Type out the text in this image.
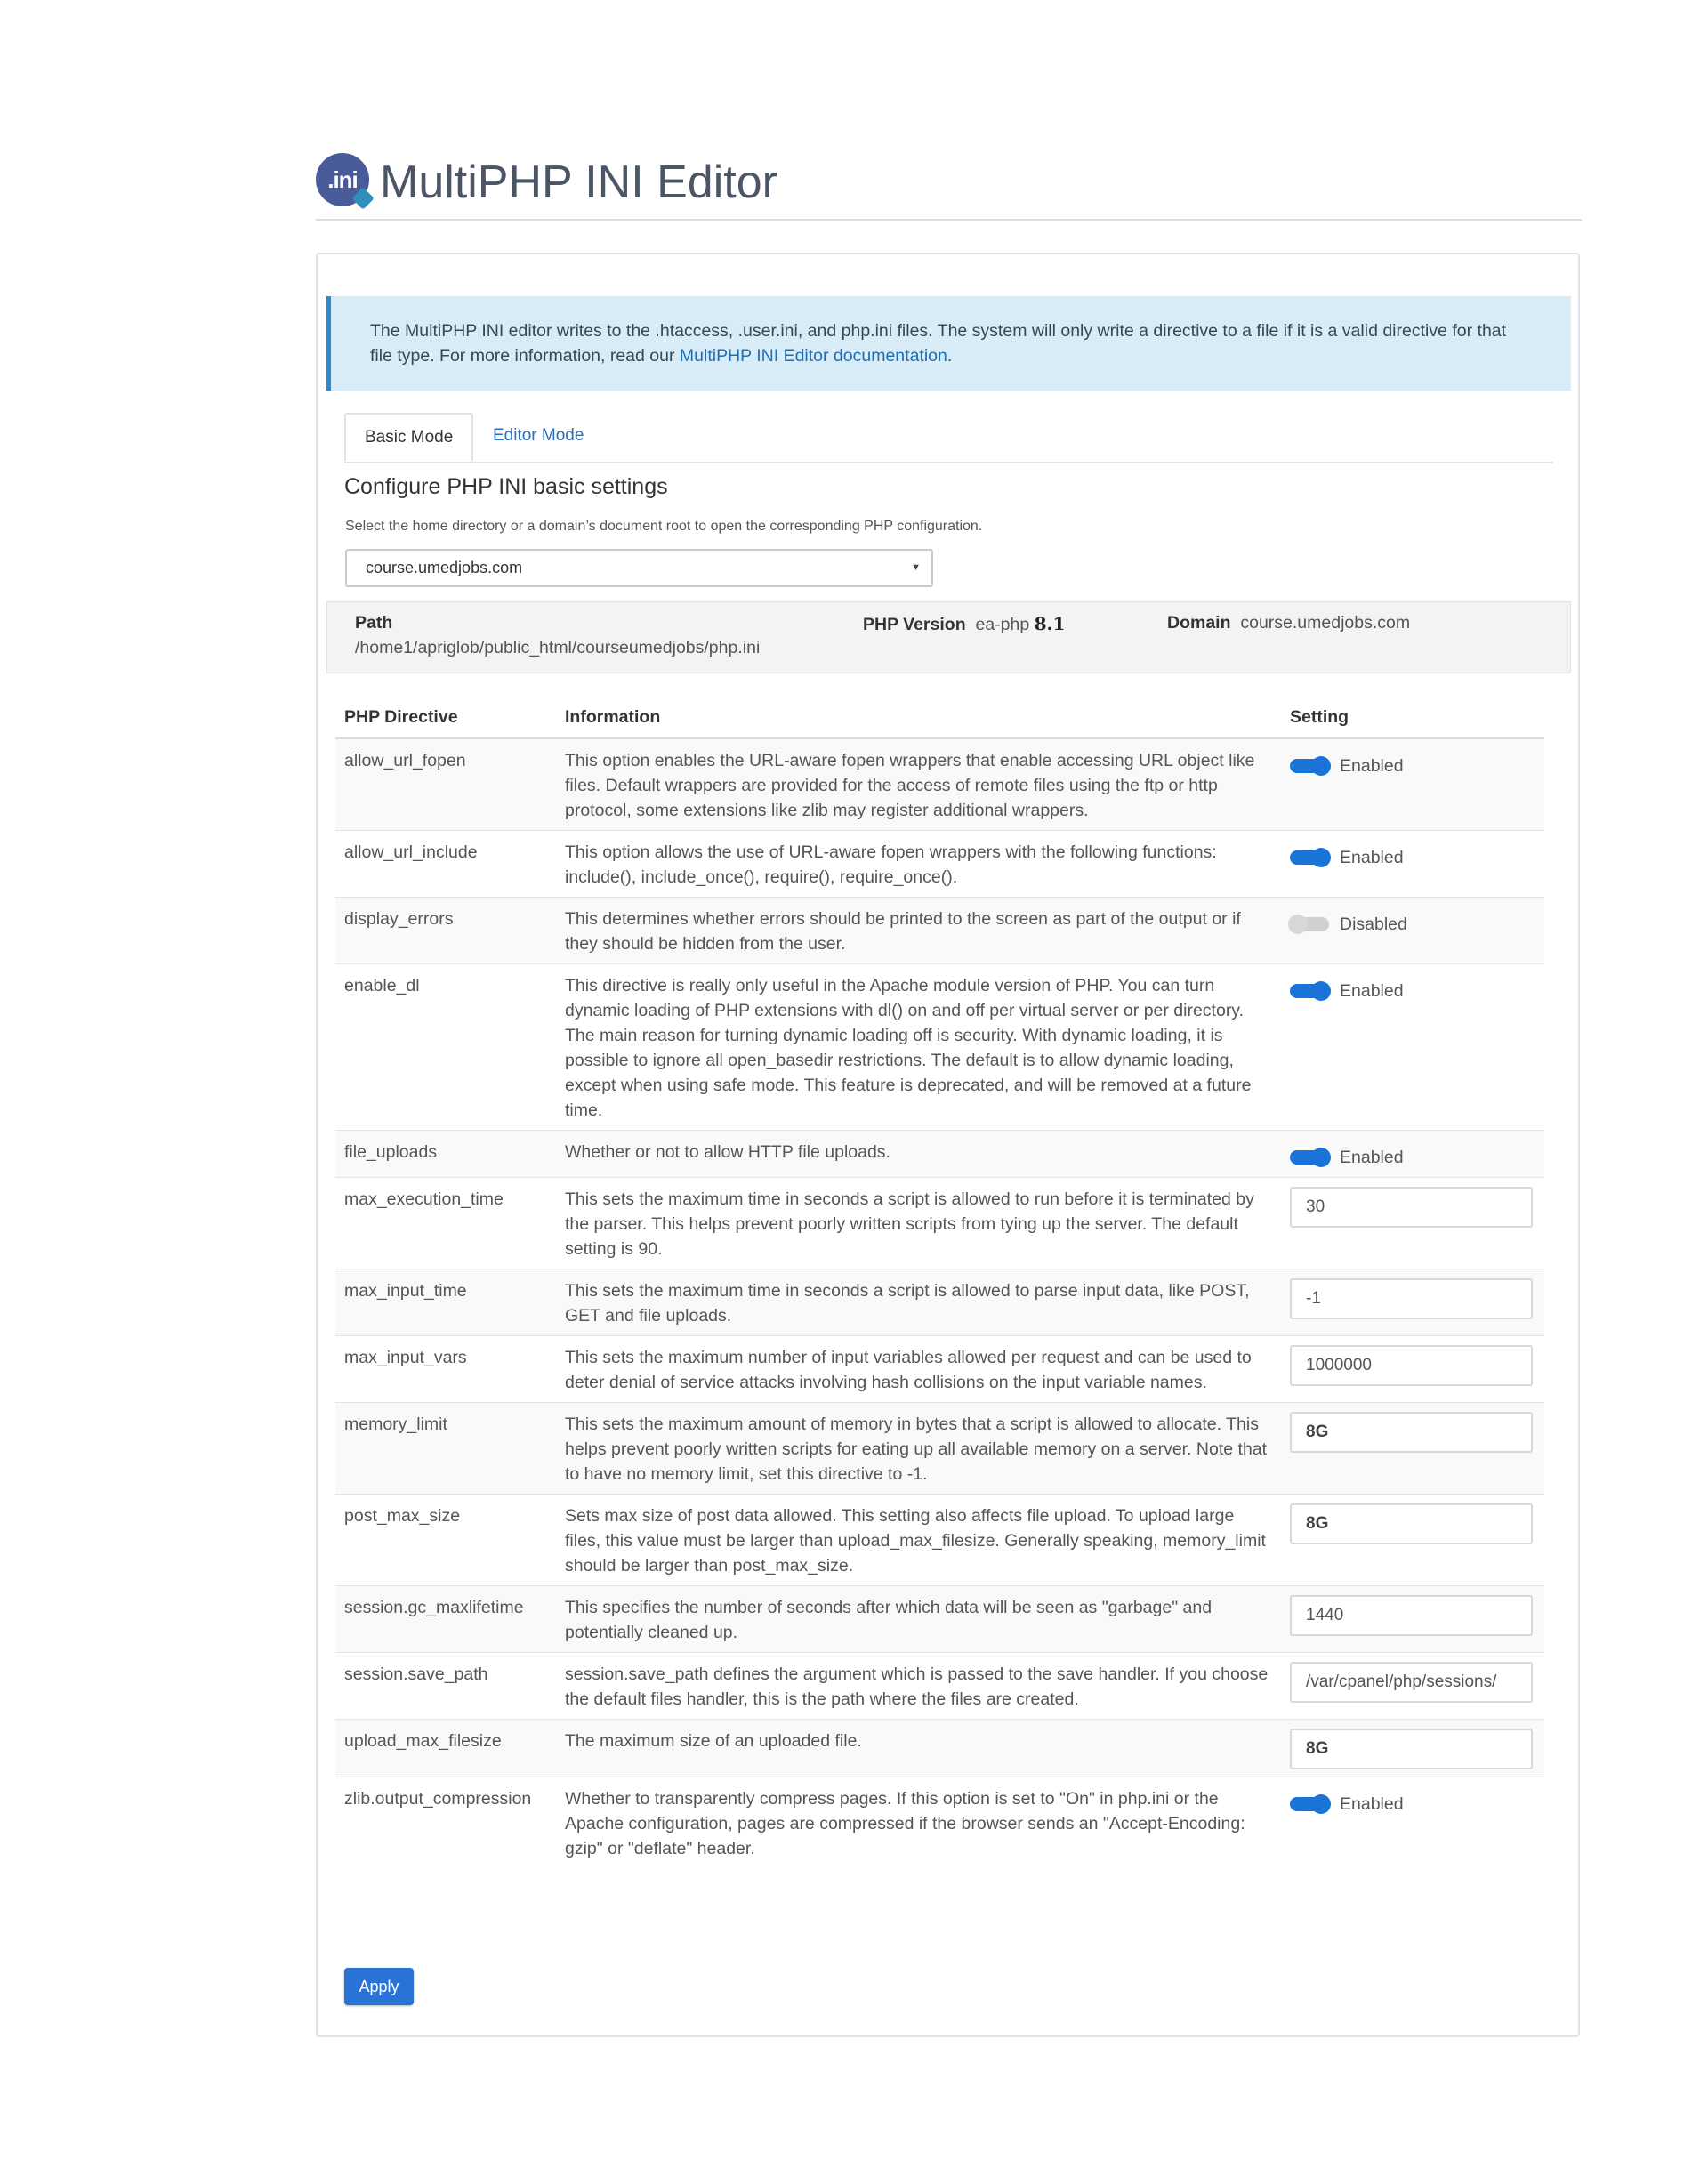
.ini MultiPHP INI Editor
The MultiPHP INI editor writes to the .htaccess, .user.ini, and php.ini files. The system will only write a directive to a file if it is a valid directive for that file type. For more information, read our MultiPHP INI Editor documentation.
Basic Mode	Editor Mode
Configure PHP INI basic settings
Select the home directory or a domain’s document root to open the corresponding PHP configuration.
course.umedjobs.com	▼
Path
/home1/apriglob/public_html/courseumedjobs/php.ini
PHP Version ea-php 8.1	Domain course.umedjobs.com
PHP Directive	Information	Setting
allow_url_fopen	This option enables the URL-aware fopen wrappers that enable accessing URL object like files. Default wrappers are provided for the access of remote files using the ftp or http protocol, some extensions like zlib may register additional wrappers.	Enabled

allow_url_include	This option allows the use of URL-aware fopen wrappers with the following functions: include(), include_once(), require(), require_once().	Enabled

display_errors	This determines whether errors should be printed to the screen as part of the output or if they should be hidden from the user.	Disabled

enable_dl	This directive is really only useful in the Apache module version of PHP. You can turn dynamic loading of PHP extensions with dl() on and off per virtual server or per directory. The main reason for turning dynamic loading off is security. With dynamic loading, it is possible to ignore all open_basedir restrictions. The default is to allow dynamic loading, except when using safe mode. This feature is deprecated, and will be removed at a future time.	Enabled

file_uploads	Whether or not to allow HTTP file uploads.	Enabled

max_execution_time	This sets the maximum time in seconds a script is allowed to run before it is terminated by the parser. This helps prevent poorly written scripts from tying up the server. The default setting is 90.	30

max_input_time	This sets the maximum time in seconds a script is allowed to parse input data, like POST, GET and file uploads.	-1

max_input_vars	This sets the maximum number of input variables allowed per request and can be used to deter denial of service attacks involving hash collisions on the input variable names.	1000000

memory_limit	This sets the maximum amount of memory in bytes that a script is allowed to allocate. This helps prevent poorly written scripts for eating up all available memory on a server. Note that to have no memory limit, set this directive to -1.	8G

post_max_size	Sets max size of post data allowed. This setting also affects file upload. To upload large files, this value must be larger than upload_max_filesize. Generally speaking, memory_limit should be larger than post_max_size.	8G

session.gc_maxlifetime	This specifies the number of seconds after which data will be seen as "garbage" and potentially cleaned up.	1440

session.save_path	session.save_path defines the argument which is passed to the save handler. If you choose the default files handler, this is the path where the files are created.	/var/cpanel/php/sessions/

upload_max_filesize	The maximum size of an uploaded file.	8G

zlib.output_compression	Whether to transparently compress pages. If this option is set to "On" in php.ini or the Apache configuration, pages are compressed if the browser sends an "Accept-Encoding: gzip" or "deflate" header.	Enabled
Apply
